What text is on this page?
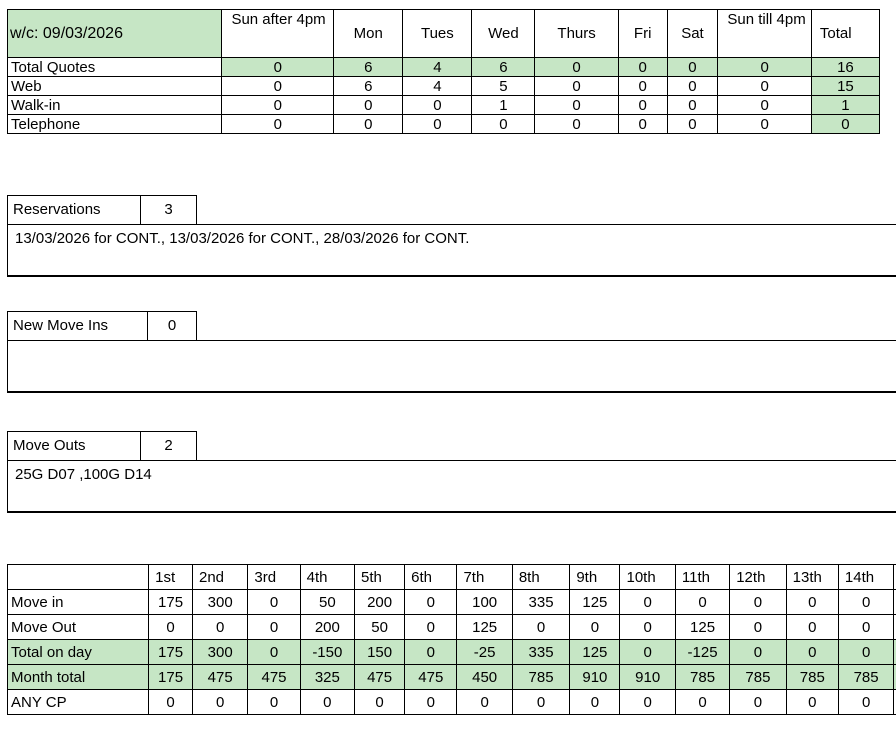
w/c: 09/03/2026	Sun after 4pm	Mon	Tues	Wed	Thurs	Fri	Sat	Sun till 4pm	Total
Total Quotes	0	6	4	6	0	0	0	0	16
Web	0	6	4	5	0	0	0	0	15
Walk-in	0	0	0	1	0	0	0	0	1
Telephone	0	0	0	0	0	0	0	0	0
Reservations	3
13/03/2026 for CONT., 13/03/2026 for CONT., 28/03/2026 for CONT.
New Move Ins	0
Move Outs	2
25G D07 ,100G D14
	1st	2nd	3rd	4th	5th	6th	7th	8th	9th	10th	11th	12th	13th	14th	
Move in	175	300	0	50	200	0	100	335	125	0	0	0	0	0	
Move Out	0	0	0	200	50	0	125	0	0	0	125	0	0	0	
Total on day	175	300	0	-150	150	0	-25	335	125	0	-125	0	0	0	
Month total	175	475	475	325	475	475	450	785	910	910	785	785	785	785	
ANY CP	0	0	0	0	0	0	0	0	0	0	0	0	0	0	
